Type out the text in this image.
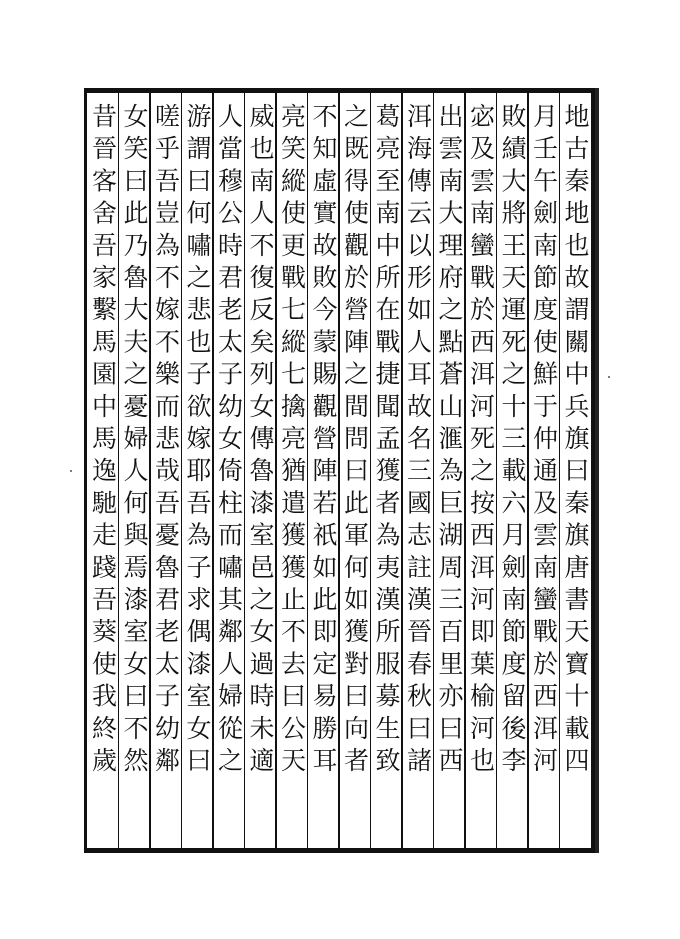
地古秦地也故謂關中兵旗曰秦旗唐書天寶十載四
月壬午劍南節度使鮮于仲通及雲南蠻戰於西洱河
敗績大將王天運死之十三載六月劍南節度留後李
宓及雲南蠻戰於西洱河死之按西洱河即葉榆河也
出雲南大理府之點蒼山滙為巨湖周三百里亦曰西
洱海傳云以形如人耳故名三國志註漢晉春秋曰諸
葛亮至南中所在戰捷聞孟獲者為夷漢所服募生致
之既得使觀於營陣之間問曰此軍何如獲對曰向者
不知虛實故敗今蒙賜觀營陣若祇如此即定易勝耳
亮笑縱使更戰七縱七擒亮猶遣獲獲止不去曰公天
威也南人不復反矣列女傳魯漆室邑之女過時未適
人當穆公時君老太子幼女倚柱而嘯其鄰人婦從之
游謂曰何嘯之悲也子欲嫁耶吾為子求偶漆室女曰
嗟乎吾豈為不嫁不樂而悲哉吾憂魯君老太子幼鄰
女笑曰此乃魯大夫之憂婦人何與焉漆室女曰不然
昔晉客舍吾家繫馬園中馬逸馳走踐吾葵使我終歲
